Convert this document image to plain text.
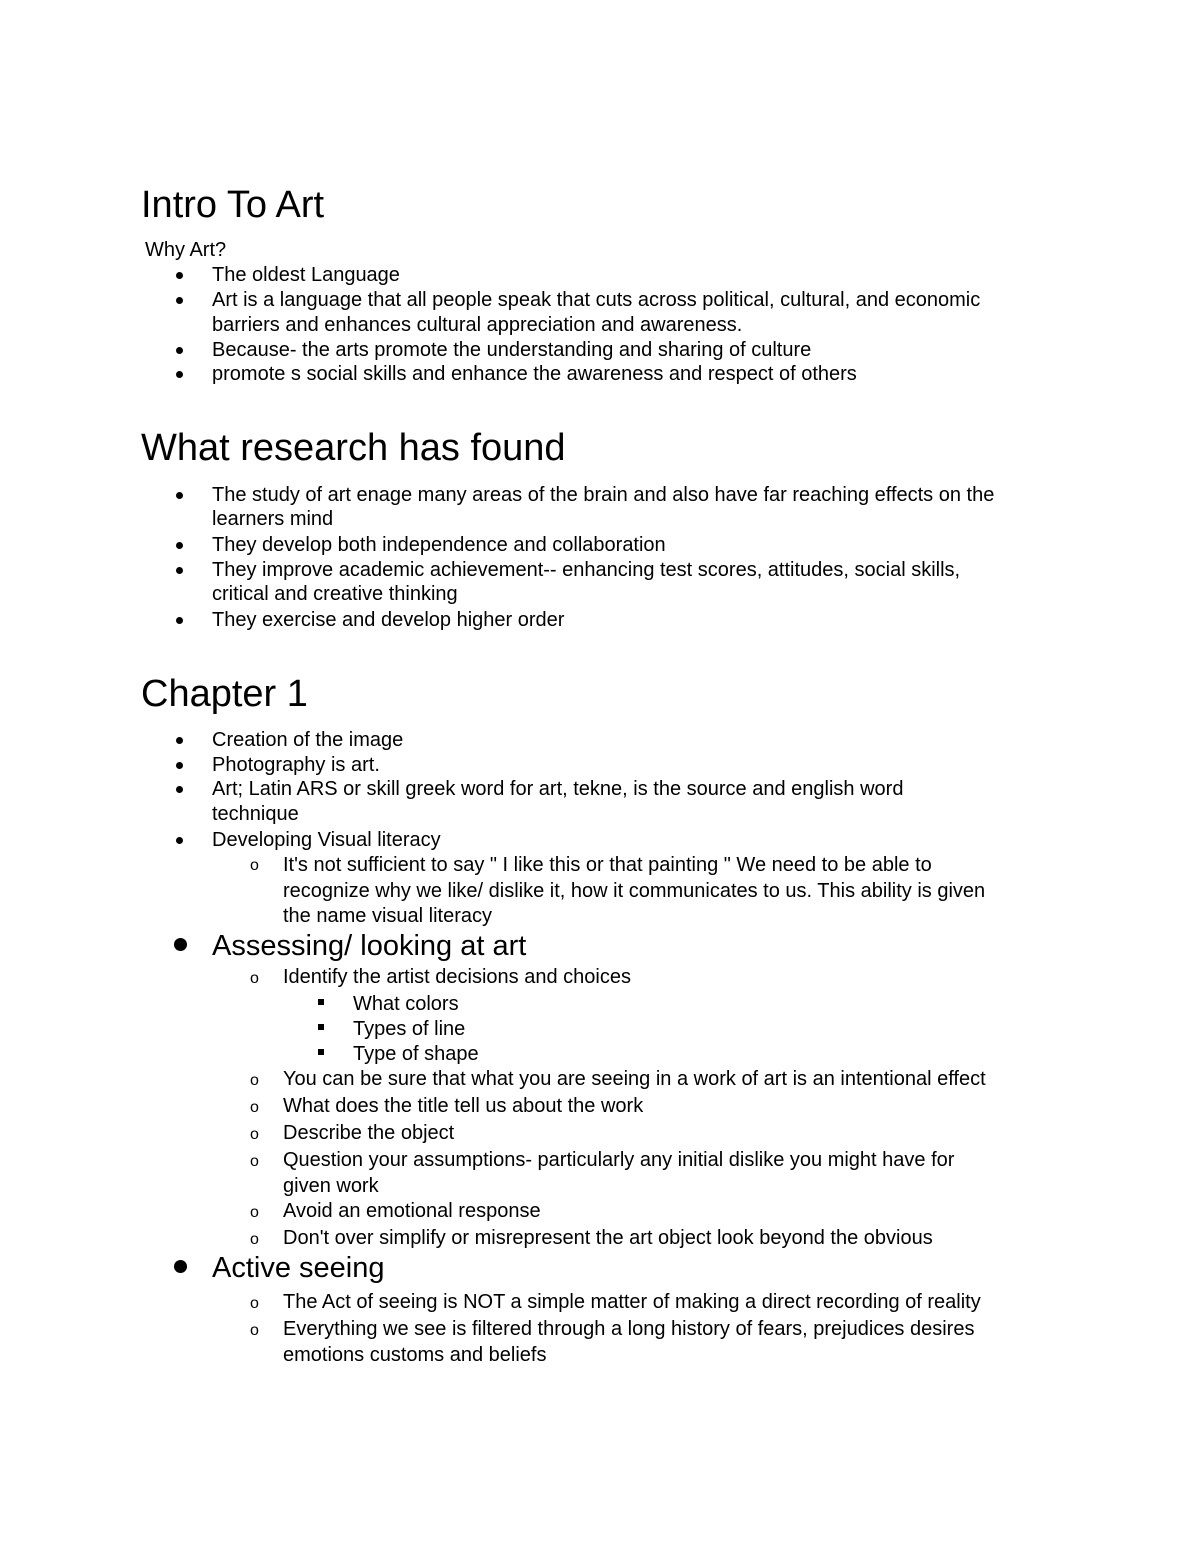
Intro To Art
Why Art?
The oldest Language
Art is a language that all people speak that cuts across political, cultural, and economic
barriers and enhances cultural appreciation and awareness.
Because- the arts promote the understanding and sharing of culture
promote s social skills and enhance the awareness and respect of others
What research has found
The study of art enage many areas of the brain and also have far reaching effects on the
learners mind
They develop both independence and collaboration
They improve academic achievement-- enhancing test scores, attitudes, social skills,
critical and creative thinking
They exercise and develop higher order
Chapter 1
Creation of the image
Photography is art.
Art; Latin ARS or skill greek word for art, tekne, is the source and english word
technique
Developing Visual literacy
o It's not sufficient to say " I like this or that painting " We need to be able to
recognize why we like/ dislike it, how it communicates to us. This ability is given
the name visual literacy
Assessing/ looking at art
o Identify the artist decisions and choices
What colors
Types of line
Type of shape
o You can be sure that what you are seeing in a work of art is an intentional effect
o What does the title tell us about the work
o Describe the object
o Question your assumptions- particularly any initial dislike you might have for
given work
o Avoid an emotional response
o Don't over simplify or misrepresent the art object look beyond the obvious
Active seeing
o The Act of seeing is NOT a simple matter of making a direct recording of reality
o Everything we see is filtered through a long history of fears, prejudices desires
emotions customs and beliefs
